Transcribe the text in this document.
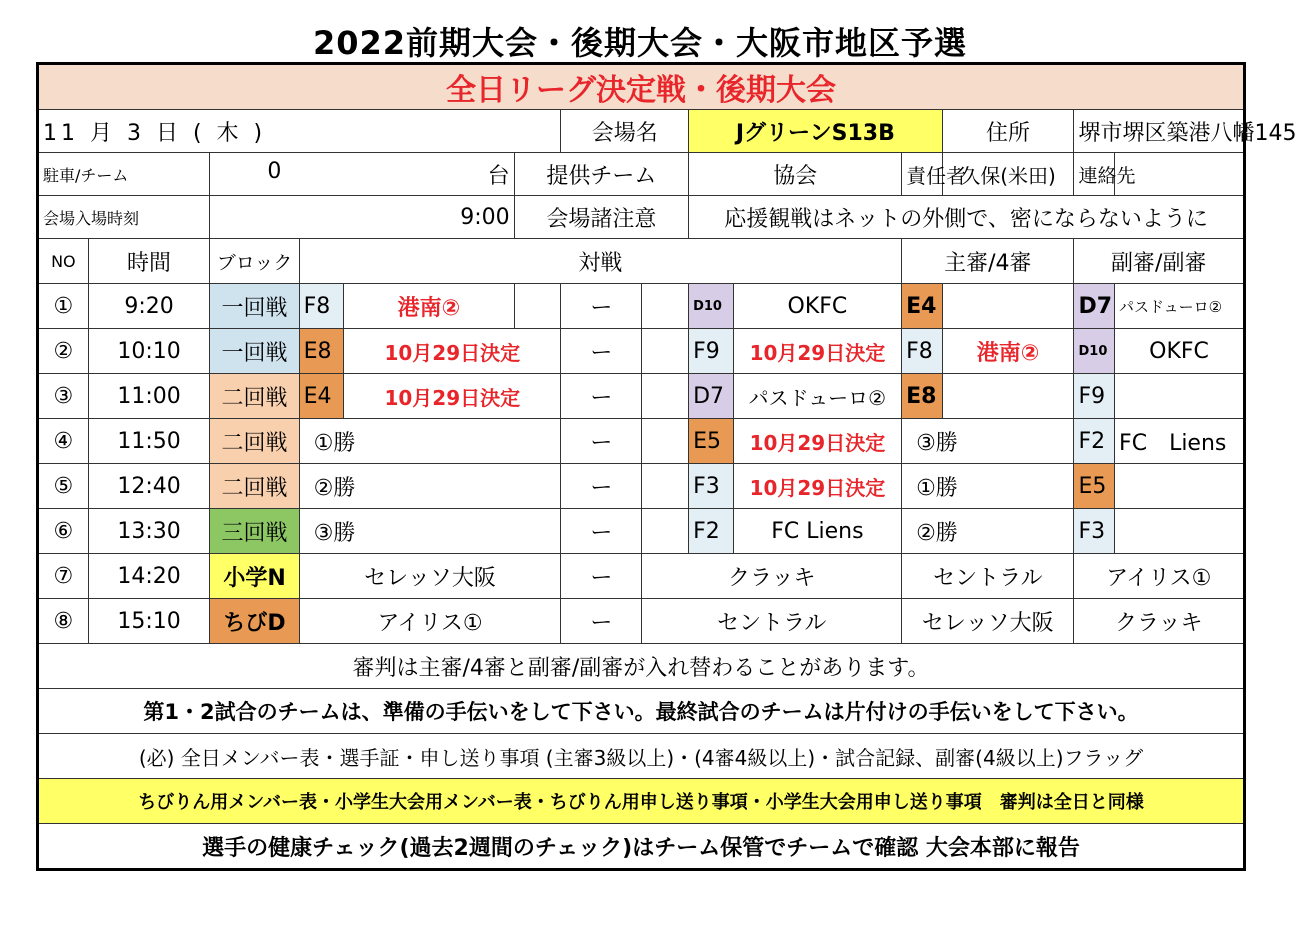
2022前期大会・後期大会・大阪市地区予選
全日リーグ決定戦・後期大会													
11 月 3 日 ( 木 )						会場名		JグリーンS13B			住所	堺市堺区築港八幡145	
駐車/チーム		0 台			提供チーム			協会		責任者	久保(米田)	連絡先	
会場入場時刻		9:00			会場諸注意			応援観戦はネットの外側で、密にならないように					
NO	時間	ブロック	対戦							主審/4審		副審/副審	
①	9:20	一回戦	F8	港南②		ー		D10	OKFC	E4		D7	パスドューロ②
②	10:10	一回戦	E8	10月29日決定		ー		F9	10月29日決定	F8	港南②	D10	OKFC
③	11:00	二回戦	E4	10月29日決定		ー		D7	パスドューロ②	E8		F9	
④	11:50	二回戦	①勝			ー		E5	10月29日決定	③勝		F2	FC　Liens
⑤	12:40	二回戦	②勝			ー		F3	10月29日決定	①勝		E5	
⑥	13:30	三回戦	③勝			ー		F2	FC Liens	②勝		F3	
⑦	14:20	小学N	セレッソ大阪			ー	クラッキ			セントラル		アイリス①	
⑧	15:10	ちびD	アイリス①			ー	セントラル			セレッソ大阪		クラッキ	
審判は主審/4審と副審/副審が入れ替わることがあります。													
第1・2試合のチームは、準備の手伝いをして下さい。最終試合のチームは片付けの手伝いをして下さい。													
(必) 全日メンバー表・選手証・申し送り事項 (主審3級以上)・(4審4級以上)・試合記録、副審(4級以上)フラッグ													
ちびりん用メンバー表・小学生大会用メンバー表・ちびりん用申し送り事項・小学生大会用申し送り事項　審判は全日と同様													
選手の健康チェック(過去2週間のチェック)はチーム保管でチームで確認 大会本部に報告													
